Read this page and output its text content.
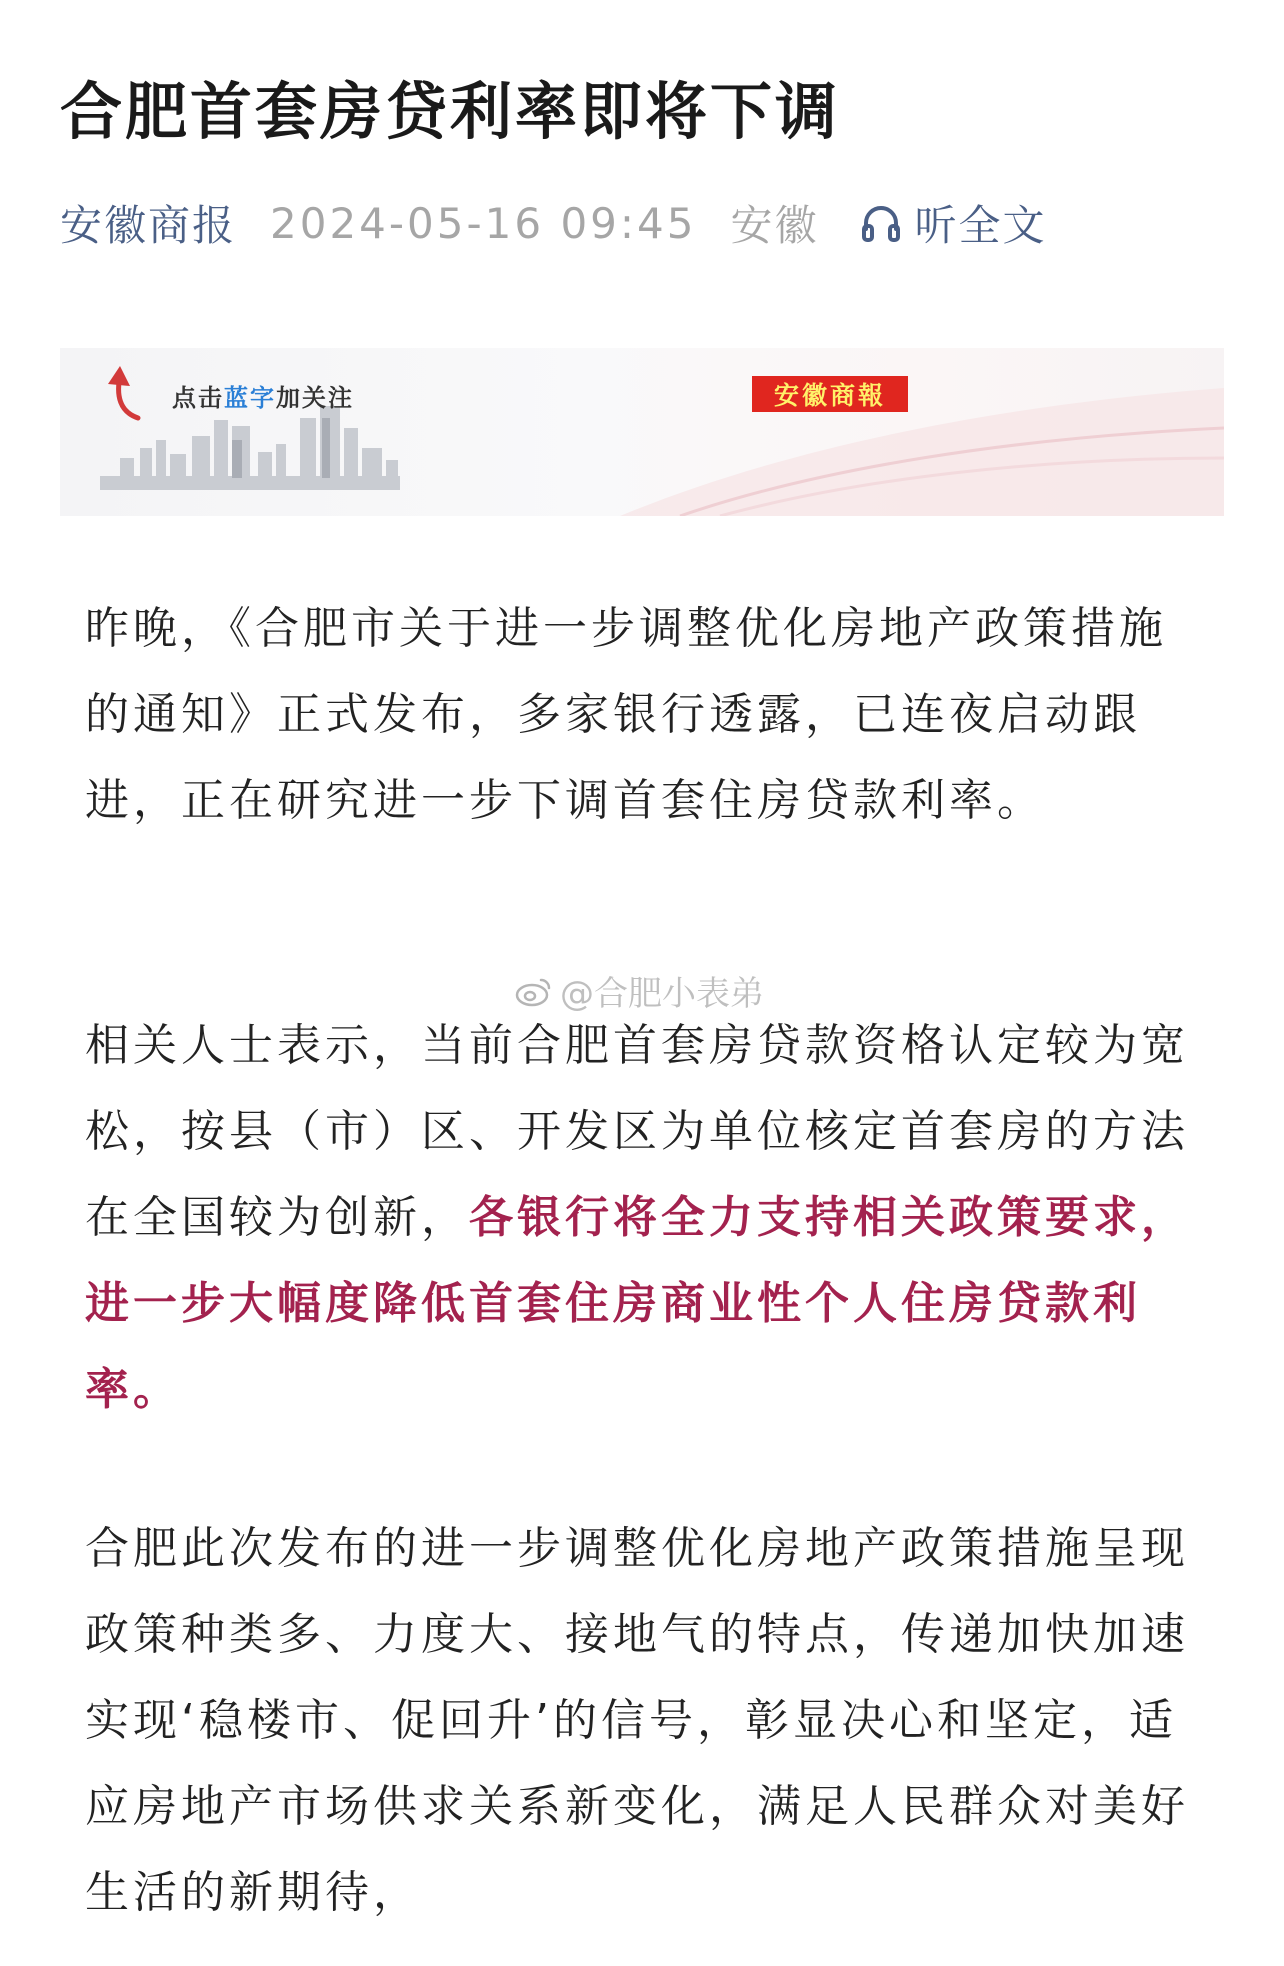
合肥首套房贷利率即将下调
安徽商报 2024-05-16 09:45 安徽 听全文
点击蓝字加关注	安徽商報

昨晚，《合肥市关于进一步调整优化房地产政策措施的通知》正式发布，多家银行透露，已连夜启动跟进，正在研究进一步下调首套住房贷款利率。

@合肥小表弟

相关人士表示，当前合肥首套房贷款资格认定较为宽松，按县（市）区、开发区为单位核定首套房的方法在全国较为创新，各银行将全力支持相关政策要求，进一步大幅度降低首套住房商业性个人住房贷款利率。

合肥此次发布的进一步调整优化房地产政策措施呈现政策种类多、力度大、接地气的特点，传递加快加速实现‘稳楼市、促回升’的信号，彰显决心和坚定，适应房地产市场供求关系新变化，满足人民群众对美好生活的新期待，
